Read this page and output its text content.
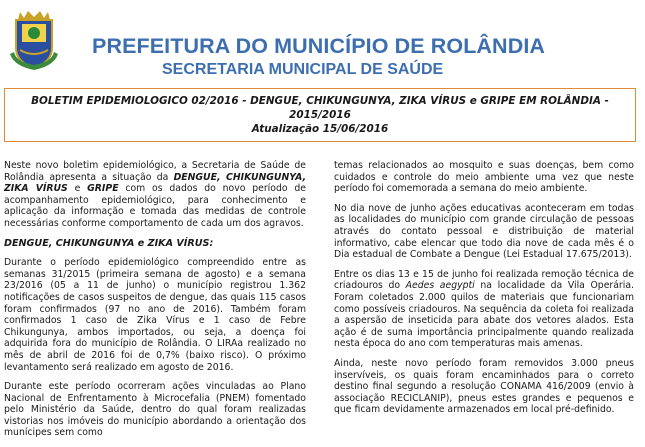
PREFEITURA DO MUNICÍPIO DE ROLÂNDIA
SECRETARIA MUNICIPAL DE SAÚDE
BOLETIM EPIDEMIOLOGICO 02/2016 - DENGUE, CHIKUNGUNYA, ZIKA VÍRUS e GRIPE EM ROLÂNDIA -
2015/2016
Atualização 15/06/2016

Neste novo boletim epidemiológico, a Secretaria de Saúde de Rolândia apresenta a situação da DENGUE, CHIKUNGUNYA, ZIKA VÍRUS e GRIPE com os dados do novo período de acompanhamento epidemiológico, para conhecimento e aplicação da informação e tomada das medidas de controle necessárias conforme comportamento de cada um dos agravos.

DENGUE, CHIKUNGUNYA e ZIKA VÍRUS:

Durante o período epidemiológico compreendido entre as semanas 31/2015 (primeira semana de agosto) e a semana 23/2016 (05 a 11 de junho) o município registrou 1.362 notificações de casos suspeitos de dengue, das quais 115 casos foram confirmados (97 no ano de 2016). Também foram confirmados 1 caso de Zika Vírus e 1 caso de Febre Chikungunya, ambos importados, ou seja, a doença foi adquirida fora do município de Rolândia. O LIRAa realizado no mês de abril de 2016 foi de 0,7% (baixo risco). O próximo levantamento será realizado em agosto de 2016.

Durante este período ocorreram ações vinculadas ao Plano Nacional de Enfrentamento à Microcefalia (PNEM) fomentado pelo Ministério da Saúde, dentro do qual foram realizadas vistorias nos imóveis do município abordando a orientação dos munícipes sem como

temas relacionados ao mosquito e suas doenças, bem como cuidados e controle do meio ambiente uma vez que neste período foi comemorada a semana do meio ambiente.

No dia nove de junho ações educativas aconteceram em todas as localidades do município com grande circulação de pessoas através do contato pessoal e distribuição de material informativo, cabe elencar que todo dia nove de cada mês é o Dia estadual de Combate a Dengue (Lei Estadual 17.675/2013).

Entre os dias 13 e 15 de junho foi realizada remoção técnica de criadouros do Aedes aegypti na localidade da Vila Operária. Foram coletados 2.000 quilos de materiais que funcionariam como possíveis criadouros. Na sequência da coleta foi realizada a aspersão de inseticida para abate dos vetores alados. Esta ação é de suma importância principalmente quando realizada nesta época do ano com temperaturas mais amenas.

Ainda, neste novo período foram removidos 3.000 pneus inservíveis, os quais foram encaminhados para o correto destino final segundo a resolução CONAMA 416/2009 (envio à associação RECICLANIP), pneus estes grandes e pequenos e que ficam devidamente armazenados em local pré-definido.
